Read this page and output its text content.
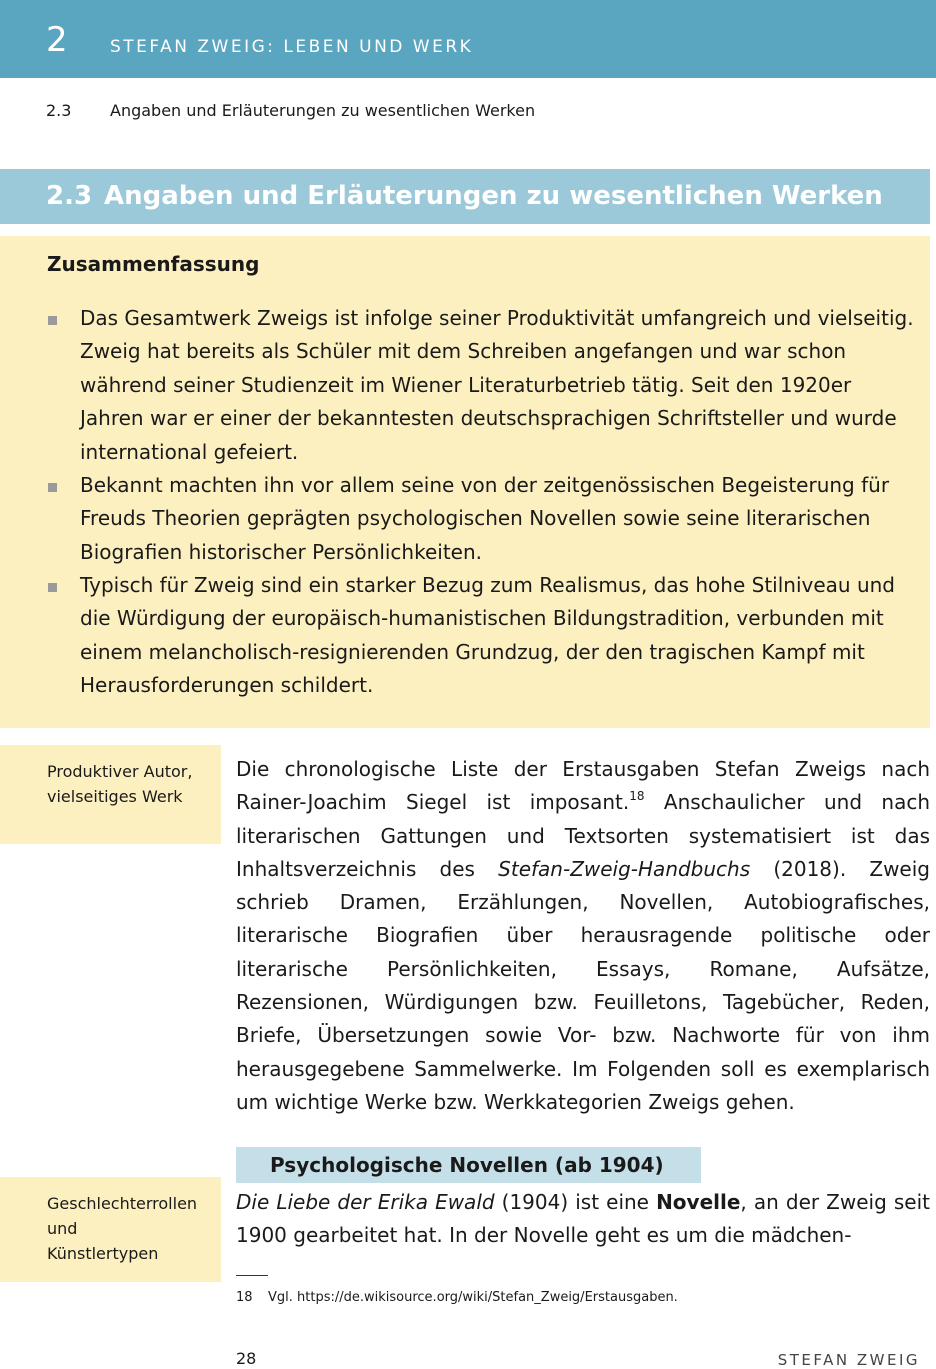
2 STEFAN ZWEIG: LEBEN UND WERK
2.3 Angaben und Erläuterungen zu wesentlichen Werken
2.3 Angaben und Erläuterungen zu wesentlichen Werken
Zusammenfassung
Das Gesamtwerk Zweigs ist infolge seiner Produktivität umfangreich und vielseitig. Zweig hat bereits als Schüler mit dem Schreiben angefangen und war schon während seiner Studienzeit im Wiener Literaturbetrieb tätig. Seit den 1920er Jahren war er einer der bekanntesten deutschsprachigen Schriftsteller und wurde international gefeiert.
Bekannt machten ihn vor allem seine von der zeitgenössischen Begeisterung für Freuds Theorien geprägten psychologischen Novellen sowie seine literarischen Biografien historischer Persönlichkeiten.
Typisch für Zweig sind ein starker Bezug zum Realismus, das hohe Stilniveau und die Würdigung der europäisch-humanistischen Bildungstradition, verbunden mit einem melancholisch-resignierenden Grundzug, der den tragischen Kampf mit Herausforderungen schildert.
Produktiver Autor, vielseitiges Werk
Geschlechterrollen und Künstlertypen
Die chronologische Liste der Erstausgaben Stefan Zweigs nach Rainer-Joachim Siegel ist imposant.$^{18}$ Anschaulicher und nach literarischen Gattungen und Textsorten systematisiert ist das Inhaltsverzeichnis des Stefan-Zweig-Handbuchs (2018). Zweig schrieb Dramen, Erzählungen, Novellen, Autobiografisches, literarische Biografien über herausragende politische oder literarische Persönlichkeiten, Essays, Romane, Aufsätze, Rezensionen, Würdigungen bzw. Feuilletons, Tagebücher, Reden, Briefe, Übersetzungen sowie Vor- bzw. Nachworte für von ihm herausgegebene Sammelwerke. Im Folgenden soll es exemplarisch um wichtige Werke bzw. Werkkategorien Zweigs gehen.
Psychologische Novellen (ab 1904)
Die Liebe der Erika Ewald (1904) ist eine Novelle, an der Zweig seit 1900 gearbeitet hat. In der Novelle geht es um die mädchen-
18 Vgl. https://de.wikisource.org/wiki/Stefan_Zweig/Erstausgaben.
28	STEFAN ZWEIG
